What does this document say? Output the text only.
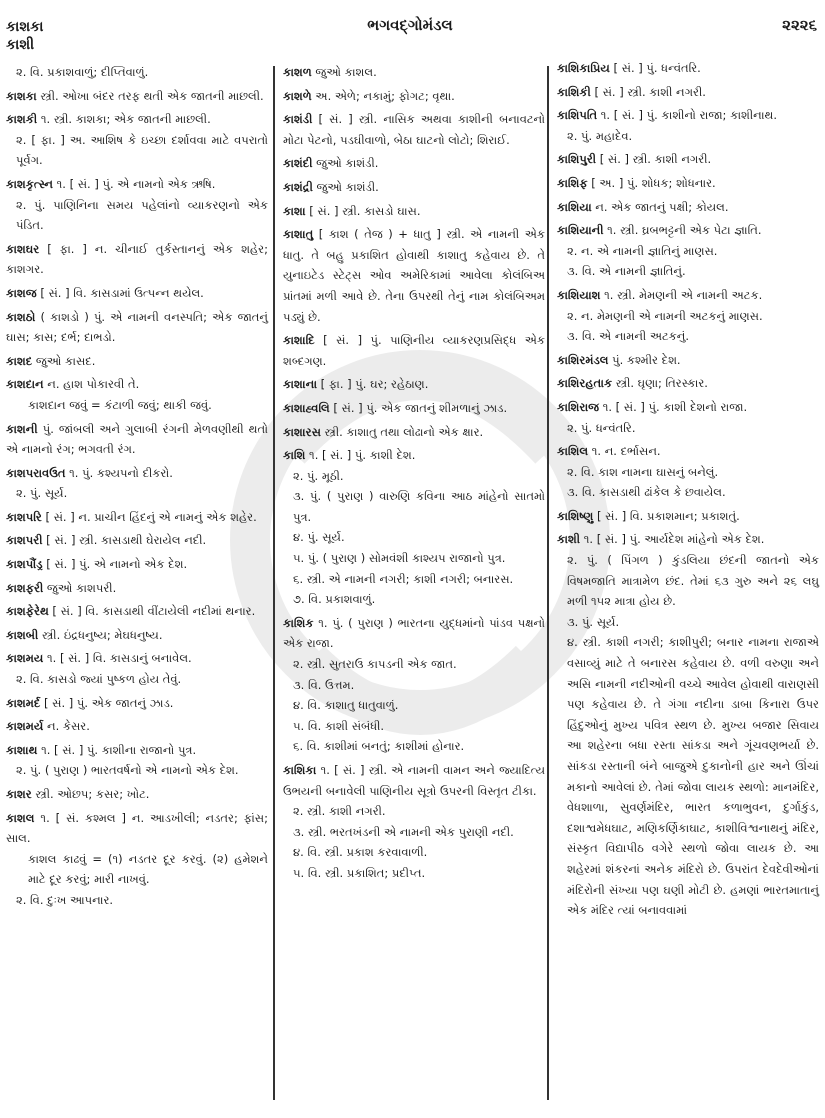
કાશકા
કાશી
ભગવદ્ગોમંડલ	૨૨૨૬
૨. વિ. પ્રકાશવાળું; દીપ્તિવાળું.
કાશકા સ્ત્રી. ઓખા બંદર તરફ થતી એક જાતની માછલી.
કાશકી ૧. સ્ત્રી. કાશકા; એક જાતની માછલી.
૨. [ ફા. ] અ. આશિષ કે ઇચ્છા દર્શાવવા માટે વપરાતો પૂર્વગ.
કાશકૃત્સ્ન ૧. [ સં. ] પું. એ નામનો એક ઋષિ.
૨. પું. પાણિનિના સમય પહેલાંનો વ્યાકરણનો એક પંડિત.
કાશઘર [ ફા. ] ન. ચીનાઈ તુર્કસ્તાનનું એક શહેર; કાશગર.
કાશજ [ સં. ] વિ. કાસડામાં ઉત્પન્ન થયેલ.
કાશઠો ( કાશડો ) પું. એ નામની વનસ્પતિ; એક જાતનું ઘાસ; કાસ; દર્ભ; દાભડો.
કાશદ જુઓ કાસદ.
કાશદાન ન. હાશ પોકારવી તે.
કાશદાન જવું = કંટાળી જવું; થાકી જવું.
કાશની પું. જાંબલી અને ગુલાબી રંગની મેળવણીથી થતો એ નામનો રંગ; ભગવતી રંગ.
કાશપરાવઉત ૧. પું. કશ્યપનો દીકરો.
૨. પું. સૂર્ય.
કાશપરિ [ સં. ] ન. પ્રાચીન હિંદનું એ નામનું એક શહેર.
કાશપરી [ સં. ] સ્ત્રી. કાસડાથી ઘેરાયેલ નદી.
કાશપૌંડ્ર [ સં. ] પું. એ નામનો એક દેશ.
કાશફરી જુઓ કાશપરી.
કાશફેરેથ [ સં. ] વિ. કાસડાથી વીંટાયેલી નદીમાં થનાર.
કાશબી સ્ત્રી. ઇંદ્રધનુષ્ય; મેઘધનુષ્ય.
કાશમય ૧. [ સં. ] વિ. કાસડાનું બનાવેલ.
૨. વિ. કાસડો જ્યાં પુષ્કળ હોય તેવું.
કાશમર્દ [ સં. ] પું. એક જાતનું ઝાડ.
કાશમર્ય ન. કેસર.
કાશાથ ૧. [ સં. ] પું. કાશીના રાજાનો પુત્ર.
૨. પું. ( પુરાણ ) ભારતવર્ષનો એ નામનો એક દેશ.
કાશર સ્ત્રી. ઓછપ; કસર; ખોટ.
કાશલ ૧. [ સં. કશ્મલ ] ન. આડખીલી; નડતર; ફાંસ; સાલ.
કાશલ કાઢવું = (૧) નડતર દૂર કરવું. (૨) હમેશને માટે દૂર કરવું; મારી નાખવું.
૨. વિ. દુઃખ આપનાર.
કાશળ જુઓ કાશલ.
કાશળે અ. એળે; નકામું; ફોગટ; વૃથા.
કાશંડી [ સં. ] સ્ત્રી. નાસિક અથવા કાશીની બનાવટનો મોટા પેટનો, પડઘીવાળો, બેઠા ઘાટનો લોટો; શિરાઈ.
કાશંદી જુઓ કાશંડી.
કાશંદ્રી જુઓ કાશંડી.
કાશા [ સં. ] સ્ત્રી. કાસડો ઘાસ.
કાશાતુ [ કાશ ( તેજ ) + ધાતુ ] સ્ત્રી. એ નામની એક ધાતુ. તે બહુ પ્રકાશિત હોવાથી કાશાતુ કહેવાય છે. તે યુનાઇટેડ સ્ટેટ્સ ઓવ અમેરિકામાં આવેલા કોલંબિઅ પ્રાંતમાં મળી આવે છે. તેના ઉપરથી તેનું નામ કોલંબિઅમ પડ્યું છે.
કાશાદિ [ સં. ] પું. પાણિનીય વ્યાકરણપ્રસિદ્ધ એક શબ્દગણ.
કાશાના [ ફા. ] પું. ઘર; રહેઠાણ.
કાશાહ્વલિ [ સં. ] પું. એક જાતનું શીમળાનું ઝાડ.
કાશારસ સ્ત્રી. કાશાતુ તથા લોઢાનો એક ક્ષાર.
કાશિ ૧. [ સં. ] પું. કાશી દેશ.
૨. પું. મૂઠી.
૩. પું. ( પુરાણ ) વારુણિ કવિના આઠ માંહેનો સાતમો પુત્ર.
૪. પું. સૂર્ય.
૫. પું. ( પુરાણ ) સોમવંશી કાશ્યપ રાજાનો પુત્ર.
૬. સ્ત્રી. એ નામની નગરી; કાશી નગરી; બનારસ.
૭. વિ. પ્રકાશવાળું.
કાશિક ૧. પું. ( પુરાણ ) ભારતના યુદ્ધમાંનો પાંડવ પક્ષનો એક રાજા.
૨. સ્ત્રી. સુતરાઉ કાપડની એક જાત.
૩. વિ. ઉત્તમ.
૪. વિ. કાશાતુ ધાતુવાળું.
૫. વિ. કાશી સંબંધી.
૬. વિ. કાશીમાં બનતું; કાશીમાં હોનાર.
કાશિકા ૧. [ સં. ] સ્ત્રી. એ નામની વામન અને જ્યાદિત્ય ઉભયની બનાવેલી પાણિનીય સૂત્રો ઉપરની વિસ્તૃત ટીકા.
૨. સ્ત્રી. કાશી નગરી.
૩. સ્ત્રી. ભરતખંડની એ નામની એક પુરાણી નદી.
૪. વિ. સ્ત્રી. પ્રકાશ કરવાવાળી.
૫. વિ. સ્ત્રી. પ્રકાશિત; પ્રદીપ્ત.
કાશિકાપ્રિય [ સં. ] પું. ધન્વંતરિ.
કાશિકી [ સં. ] સ્ત્રી. કાશી નગરી.
કાશિપતિ ૧. [ સં. ] પું. કાશીનો રાજા; કાશીનાથ.
૨. પું. મહાદેવ.
કાશિપુરી [ સં. ] સ્ત્રી. કાશી નગરી.
કાશિફ [ અ. ] પું. શોધક; શોધનાર.
કાશિયા ન. એક જાતનું પક્ષી; કોયલ.
કાશિયાની ૧. સ્ત્રી. ઘ્રબભટ્ટની એક પેટા જ્ઞાતિ.
૨. ન. એ નામની જ્ઞાતિનું માણસ.
૩. વિ. એ નામની જ્ઞાતિનું.
કાશિયાશ ૧. સ્ત્રી. મેમણની એ નામની અટક.
૨. ન. મેમણની એ નામની અટકનું માણસ.
૩. વિ. એ નામની અટકનું.
કાશિરમંડલ પું. કશ્મીર દેશ.
કાશિરહતાક સ્ત્રી. ઘૃણા; તિરસ્કાર.
કાશિરાજ ૧. [ સં. ] પું. કાશી દેશનો રાજા.
૨. પું. ધન્વંતરિ.
કાશિલ ૧. ન. દર્ભાસન.
૨. વિ. કાશ નામના ઘાસનું બનેલું.
૩. વિ. કાસડાથી ઢાંકેલ કે છવાયેલ.
કાશિષ્ણુ [ સં. ] વિ. પ્રકાશમાન; પ્રકાશતું.
કાશી ૧. [ સં. ] પું. આર્યદેશ માંહેનો એક દેશ.
૨. પું. ( પિંગળ ) કુંડલિયા છંદની જાતનો એક વિષમજાતિ માત્રામેળ છંદ. તેમાં ૬૩ ગુરુ અને ૨૬ લઘુ મળી ૧૫૨ માત્રા હોય છે.
૩. પું. સૂર્ય.
૪. સ્ત્રી. કાશી નગરી; કાશીપુરી; બનાર નામના રાજાએ વસાવ્યું માટે તે બનારસ કહેવાય છે. વળી વરુણા અને અસિ નામની નદીઓની વચ્ચે આવેલ હોવાથી વારાણસી પણ કહેવાય છે. તે ગંગા નદીના ડાબા કિનારા ઉપર હિંદુઓનું મુખ્ય પવિત્ર સ્થળ છે. મુખ્ય બજાર સિવાય આ શહેરના બધા રસ્તા સાંકડા અને ગૂંચવણભર્યા છે. સાંકડા રસ્તાની બંને બાજુએ દુકાનોની હાર અને ઊંચાં મકાનો આવેલાં છે. તેમાં જોવા લાયક સ્થળો: માનમંદિર, વેધશાળા, સુવર્ણમંદિર, ભારત કળાભુવન, દુર્ગાકુંડ, દશાશ્વમેધઘાટ, મણિકર્ણિકાઘાટ, કાશીવિશ્વનાથનું મંદિર, સંસ્કૃત વિદ્યાપીઠ વગેરે સ્થળો જોવા લાયક છે. આ શહેરમાં શંકરનાં અનેક મંદિરો છે. ઉપરાંત દેવદેવીઓનાં મંદિરોની સંખ્યા પણ ઘણી મોટી છે. હમણાં ભારતમાતાનું એક મંદિર ત્યાં બનાવવામાં
